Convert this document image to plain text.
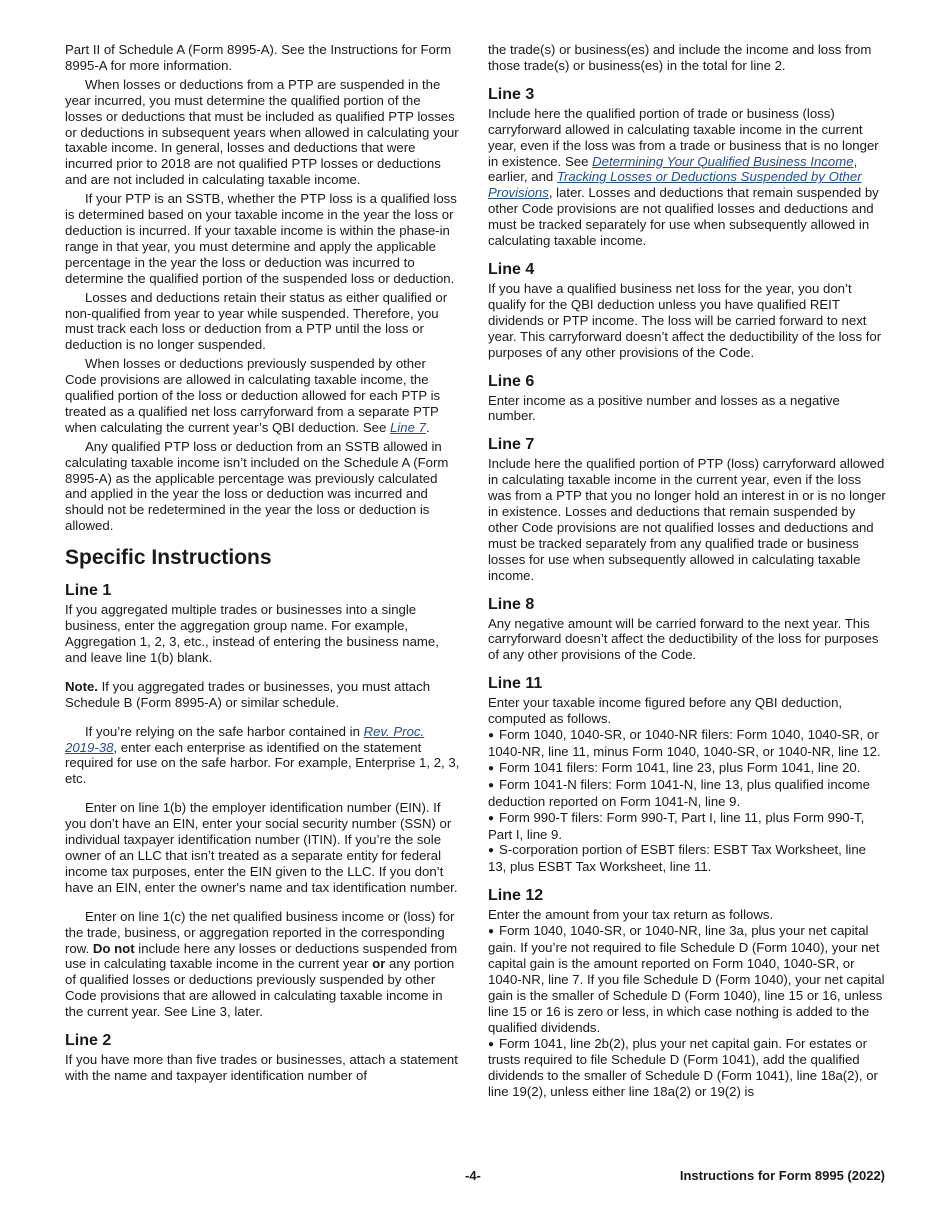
Part II of Schedule A (Form 8995-A). See the Instructions for Form 8995-A for more information.

When losses or deductions from a PTP are suspended in the year incurred, you must determine the qualified portion of the losses or deductions that must be included as qualified PTP losses or deductions in subsequent years when allowed in calculating your taxable income. In general, losses and deductions that were incurred prior to 2018 are not qualified PTP losses or deductions and are not included in calculating taxable income.

If your PTP is an SSTB, whether the PTP loss is a qualified loss is determined based on your taxable income in the year the loss or deduction is incurred. If your taxable income is within the phase-in range in that year, you must determine and apply the applicable percentage in the year the loss or deduction was incurred to determine the qualified portion of the suspended loss or deduction.

Losses and deductions retain their status as either qualified or non-qualified from year to year while suspended. Therefore, you must track each loss or deduction from a PTP until the loss or deduction is no longer suspended.

When losses or deductions previously suspended by other Code provisions are allowed in calculating taxable income, the qualified portion of the loss or deduction allowed for each PTP is treated as a qualified net loss carryforward from a separate PTP when calculating the current year’s QBI deduction. See Line 7.

Any qualified PTP loss or deduction from an SSTB allowed in calculating taxable income isn’t included on the Schedule A (Form 8995-A) as the applicable percentage was previously calculated and applied in the year the loss or deduction was incurred and should not be redetermined in the year the loss or deduction is allowed.

Specific Instructions
Line 1

If you aggregated multiple trades or businesses into a single business, enter the aggregation group name. For example, Aggregation 1, 2, 3, etc., instead of entering the business name, and leave line 1(b) blank.

Note. If you aggregated trades or businesses, you must attach Schedule B (Form 8995-A) or similar schedule.

If you’re relying on the safe harbor contained in Rev. Proc. 2019-38, enter each enterprise as identified on the statement required for use on the safe harbor. For example, Enterprise 1, 2, 3, etc.

Enter on line 1(b) the employer identification number (EIN). If you don’t have an EIN, enter your social security number (SSN) or individual taxpayer identification number (ITIN). If you’re the sole owner of an LLC that isn’t treated as a separate entity for federal income tax purposes, enter the EIN given to the LLC. If you don’t have an EIN, enter the owner's name and tax identification number.

Enter on line 1(c) the net qualified business income or (loss) for the trade, business, or aggregation reported in the corresponding row. Do not include here any losses or deductions suspended from use in calculating taxable income in the current year or any portion of qualified losses or deductions previously suspended by other Code provisions that are allowed in calculating taxable income in the current year. See Line 3, later.

Line 2

If you have more than five trades or businesses, attach a statement with the name and taxpayer identification number of

the trade(s) or business(es) and include the income and loss from those trade(s) or business(es) in the total for line 2.

Line 3

Include here the qualified portion of trade or business (loss) carryforward allowed in calculating taxable income in the current year, even if the loss was from a trade or business that is no longer in existence. See Determining Your Qualified Business Income, earlier, and Tracking Losses or Deductions Suspended by Other Provisions, later. Losses and deductions that remain suspended by other Code provisions are not qualified losses and deductions and must be tracked separately for use when subsequently allowed in calculating taxable income.

Line 4

If you have a qualified business net loss for the year, you don’t qualify for the QBI deduction unless you have qualified REIT dividends or PTP income. The loss will be carried forward to next year. This carryforward doesn’t affect the deductibility of the loss for purposes of any other provisions of the Code.

Line 6

Enter income as a positive number and losses as a negative number.

Line 7

Include here the qualified portion of PTP (loss) carryforward allowed in calculating taxable income in the current year, even if the loss was from a PTP that you no longer hold an interest in or is no longer in existence. Losses and deductions that remain suspended by other Code provisions are not qualified losses and deductions and must be tracked separately from any qualified trade or business losses for use when subsequently allowed in calculating taxable income.

Line 8

Any negative amount will be carried forward to the next year. This carryforward doesn’t affect the deductibility of the loss for purposes of any other provisions of the Code.

Line 11

Enter your taxable income figured before any QBI deduction, computed as follows.

● Form 1040, 1040-SR, or 1040-NR filers: Form 1040, 1040-SR, or 1040-NR, line 11, minus Form 1040, 1040-SR, or 1040-NR, line 12.
● Form 1041 filers: Form 1041, line 23, plus Form 1041, line 20.
● Form 1041-N filers: Form 1041-N, line 13, plus qualified income deduction reported on Form 1041-N, line 9.
● Form 990-T filers: Form 990-T, Part I, line 11, plus Form 990-T, Part I, line 9.
● S-corporation portion of ESBT filers: ESBT Tax Worksheet, line 13, plus ESBT Tax Worksheet, line 11.
Line 12

Enter the amount from your tax return as follows.

● Form 1040, 1040-SR, or 1040-NR, line 3a, plus your net capital gain. If you’re not required to file Schedule D (Form 1040), your net capital gain is the amount reported on Form 1040, 1040-SR, or 1040-NR, line 7. If you file Schedule D (Form 1040), your net capital gain is the smaller of Schedule D (Form 1040), line 15 or 16, unless line 15 or 16 is zero or less, in which case nothing is added to the qualified dividends.
● Form 1041, line 2b(2), plus your net capital gain. For estates or trusts required to file Schedule D (Form 1041), add the qualified dividends to the smaller of Schedule D (Form 1041), line 18a(2), or line 19(2), unless either line 18a(2) or 19(2) is
-4-	Instructions for Form 8995 (2022)
